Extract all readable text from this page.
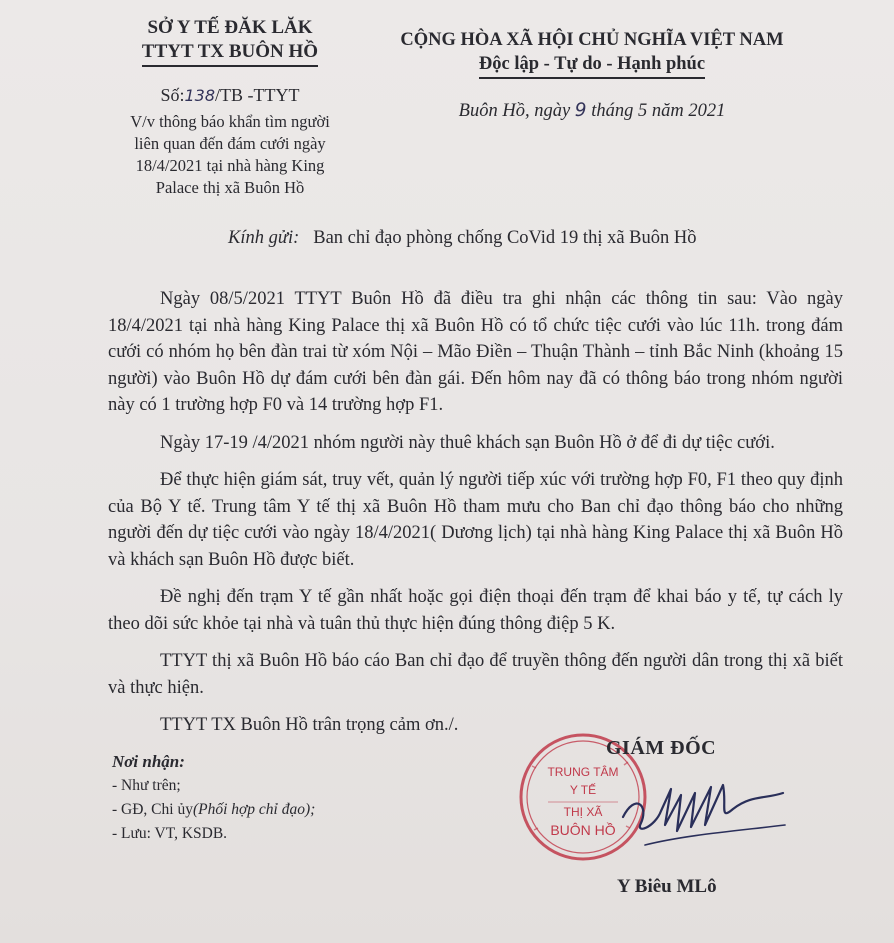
SỞ Y TẾ ĐĂK LĂK
TTYT TX BUÔN HỒ
Số:138/TB -TTYT
V/v thông báo khẩn tìm người
liên quan đến đám cưới ngày
18/4/2021 tại nhà hàng King
Palace thị xã Buôn Hồ
CỘNG HÒA XÃ HỘI CHỦ NGHĨA VIỆT NAM
Độc lập - Tự do - Hạnh phúc
Buôn Hồ, ngày 9 tháng 5 năm 2021
Kính gửi: Ban chỉ đạo phòng chống CoVid 19 thị xã Buôn Hồ

Ngày 08/5/2021 TTYT Buôn Hồ đã điều tra ghi nhận các thông tin sau: Vào ngày 18/4/2021 tại nhà hàng King Palace thị xã Buôn Hồ có tổ chức tiệc cưới vào lúc 11h. trong đám cưới có nhóm họ bên đàn trai từ xóm Nội – Mão Điền – Thuận Thành – tỉnh Bắc Ninh (khoảng 15 người) vào Buôn Hồ dự đám cưới bên đàn gái. Đến hôm nay đã có thông báo trong nhóm người này có 1 trường hợp F0 và 14 trường hợp F1.

Ngày 17-19 /4/2021 nhóm người này thuê khách sạn Buôn Hồ ở để đi dự tiệc cưới.

Để thực hiện giám sát, truy vết, quản lý người tiếp xúc với trường hợp F0, F1 theo quy định của Bộ Y tế. Trung tâm Y tế thị xã Buôn Hồ tham mưu cho Ban chỉ đạo thông báo cho những người đến dự tiệc cưới vào ngày 18/4/2021( Dương lịch) tại nhà hàng King Palace thị xã Buôn Hồ và khách sạn Buôn Hồ được biết.

Đề nghị đến trạm Y tế gần nhất hoặc gọi điện thoại đến trạm để khai báo y tế, tự cách ly theo dõi sức khỏe tại nhà và tuân thủ thực hiện đúng thông điệp 5 K.

TTYT thị xã Buôn Hồ báo cáo Ban chỉ đạo để truyền thông đến người dân trong thị xã biết và thực hiện.

TTYT TX Buôn Hồ trân trọng cảm ơn./.

Nơi nhận:
- Như trên;
- GĐ, Chi ủy(Phối hợp chỉ đạo);
- Lưu: VT, KSDB.
TRUNG TÂM
Y TẾ
THỊ XÃ
BUÔN HỒ
GIÁM ĐỐC
Y Biêu MLô
